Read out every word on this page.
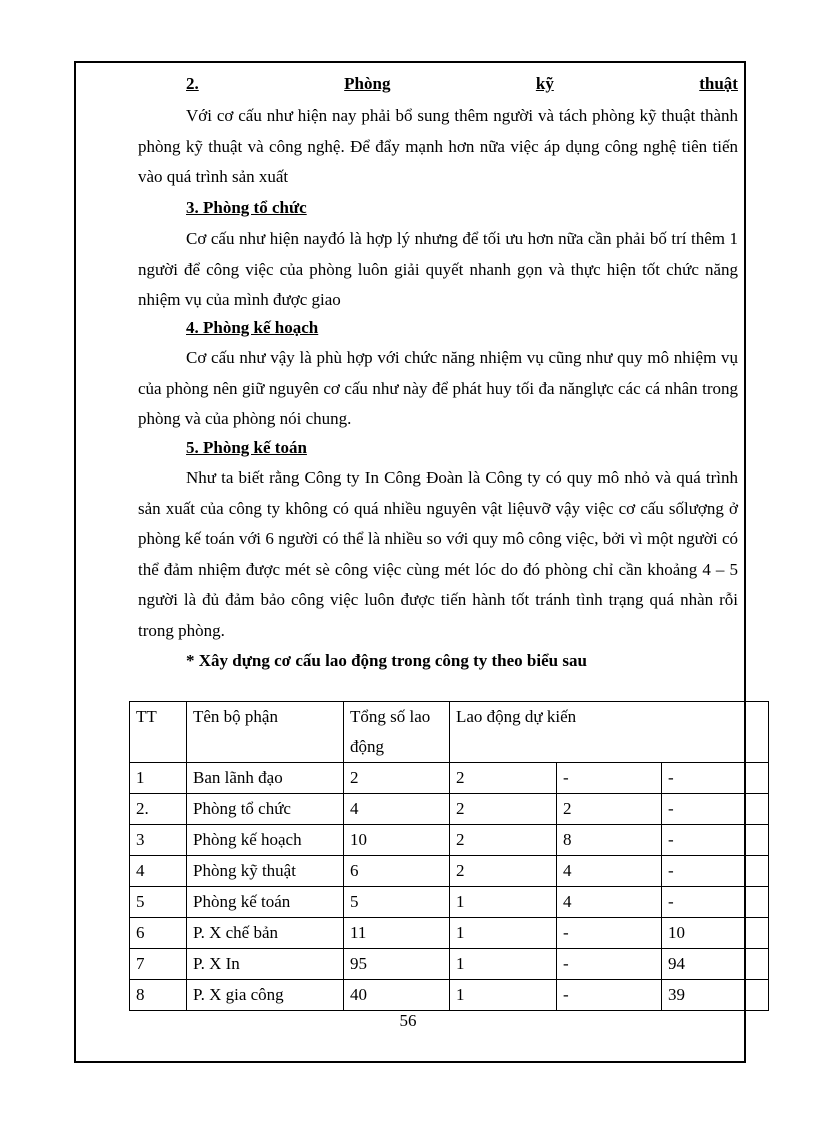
2.	Phòng	kỹ	thuật

Với cơ cấu như hiện nay phải bổ sung thêm người và tách phòng kỹ thuật thành phòng kỹ thuật và công nghệ. Để đẩy mạnh hơn nữa việc áp dụng công nghệ tiên tiến vào quá trình sản xuất

3. Phòng tổ chức

Cơ cấu như hiện nayđó là hợp lý nhưng để tối ưu hơn nữa cần phải bố trí thêm 1 người để công việc của phòng luôn giải quyết nhanh gọn và thực hiện tốt chức năng nhiệm vụ của mình được giao

4. Phòng kế hoạch

Cơ cấu như vậy là phù hợp với chức năng nhiệm vụ cũng như quy mô nhiệm vụ của phòng nên giữ nguyên cơ cấu như này để phát huy tối đa nănglực các cá nhân trong phòng và của phòng nói chung.

5. Phòng kế toán

Như ta biết rằng Công ty In Công Đoàn là Công ty có quy mô nhỏ và quá trình sản xuất của công ty không có quá nhiều nguyên vật liệuvỡ vậy việc cơ cấu sốlượng ở phòng kế toán với 6 người có thể là nhiều so với quy mô công việc, bởi vì một người có thể đảm nhiệm được mét sè công việc cùng mét lóc do đó phòng chỉ cần khoảng 4 – 5 người là đủ đảm bảo công việc luôn được tiến hành tốt tránh tình trạng quá nhàn rỗi trong phòng.

* Xây dựng cơ cấu lao động trong công ty theo biểu sau
TT	Tên bộ phận	Tổng số lao động	Lao động dự kiến		
1	Ban lãnh đạo	2	2	-	-
2.	Phòng tổ chức	4	2	2	-
3	Phòng kế hoạch	10	2	8	-
4	Phòng kỹ thuật	6	2	4	-
5	Phòng kế toán	5	1	4	-
6	P. X chế bản	11	1	-	10
7	P. X In	95	1	-	94
8	P. X gia công	40	1	-	39
56
